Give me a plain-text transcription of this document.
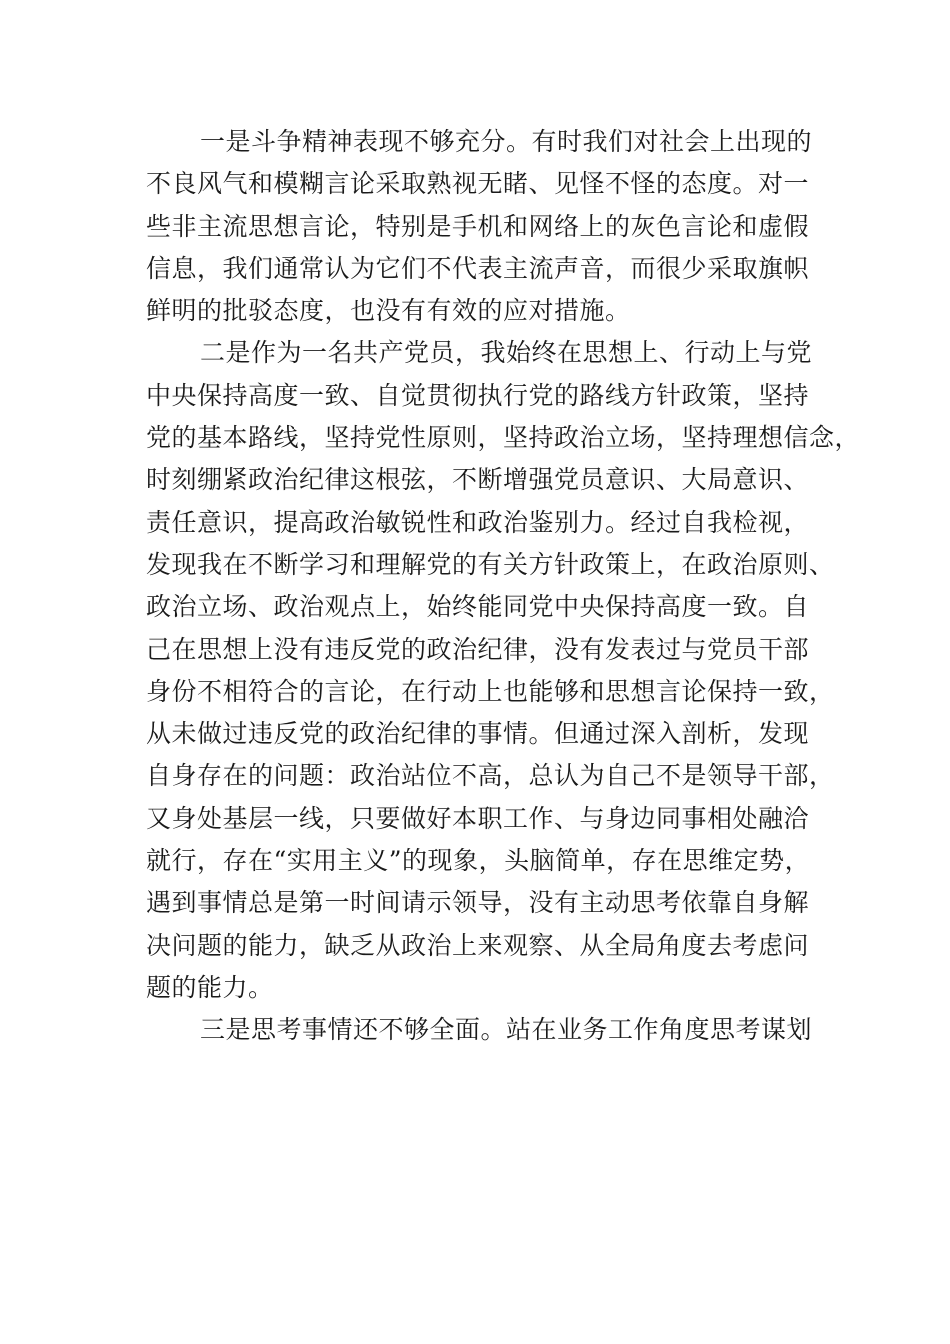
一是斗争精神表现不够充分。有时我们对社会上出现的
不良风气和模糊言论采取熟视无睹、见怪不怪的态度。对一
些非主流思想言论，特别是手机和网络上的灰色言论和虚假
信息，我们通常认为它们不代表主流声音，而很少采取旗帜
鲜明的批驳态度，也没有有效的应对措施。
二是作为一名共产党员，我始终在思想上、行动上与党
中央保持高度一致、自觉贯彻执行党的路线方针政策，坚持
党的基本路线，坚持党性原则，坚持政治立场，坚持理想信念，
时刻绷紧政治纪律这根弦，不断增强党员意识、大局意识、
责任意识，提高政治敏锐性和政治鉴别力。经过自我检视，
发现我在不断学习和理解党的有关方针政策上，在政治原则、
政治立场、政治观点上，始终能同党中央保持高度一致。自
己在思想上没有违反党的政治纪律，没有发表过与党员干部
身份不相符合的言论，在行动上也能够和思想言论保持一致，
从未做过违反党的政治纪律的事情。但通过深入剖析，发现
自身存在的问题：政治站位不高，总认为自己不是领导干部，
又身处基层一线，只要做好本职工作、与身边同事相处融洽
就行，存在“实用主义”的现象，头脑简单，存在思维定势，
遇到事情总是第一时间请示领导，没有主动思考依靠自身解
决问题的能力，缺乏从政治上来观察、从全局角度去考虑问
题的能力。
三是思考事情还不够全面。站在业务工作角度思考谋划
